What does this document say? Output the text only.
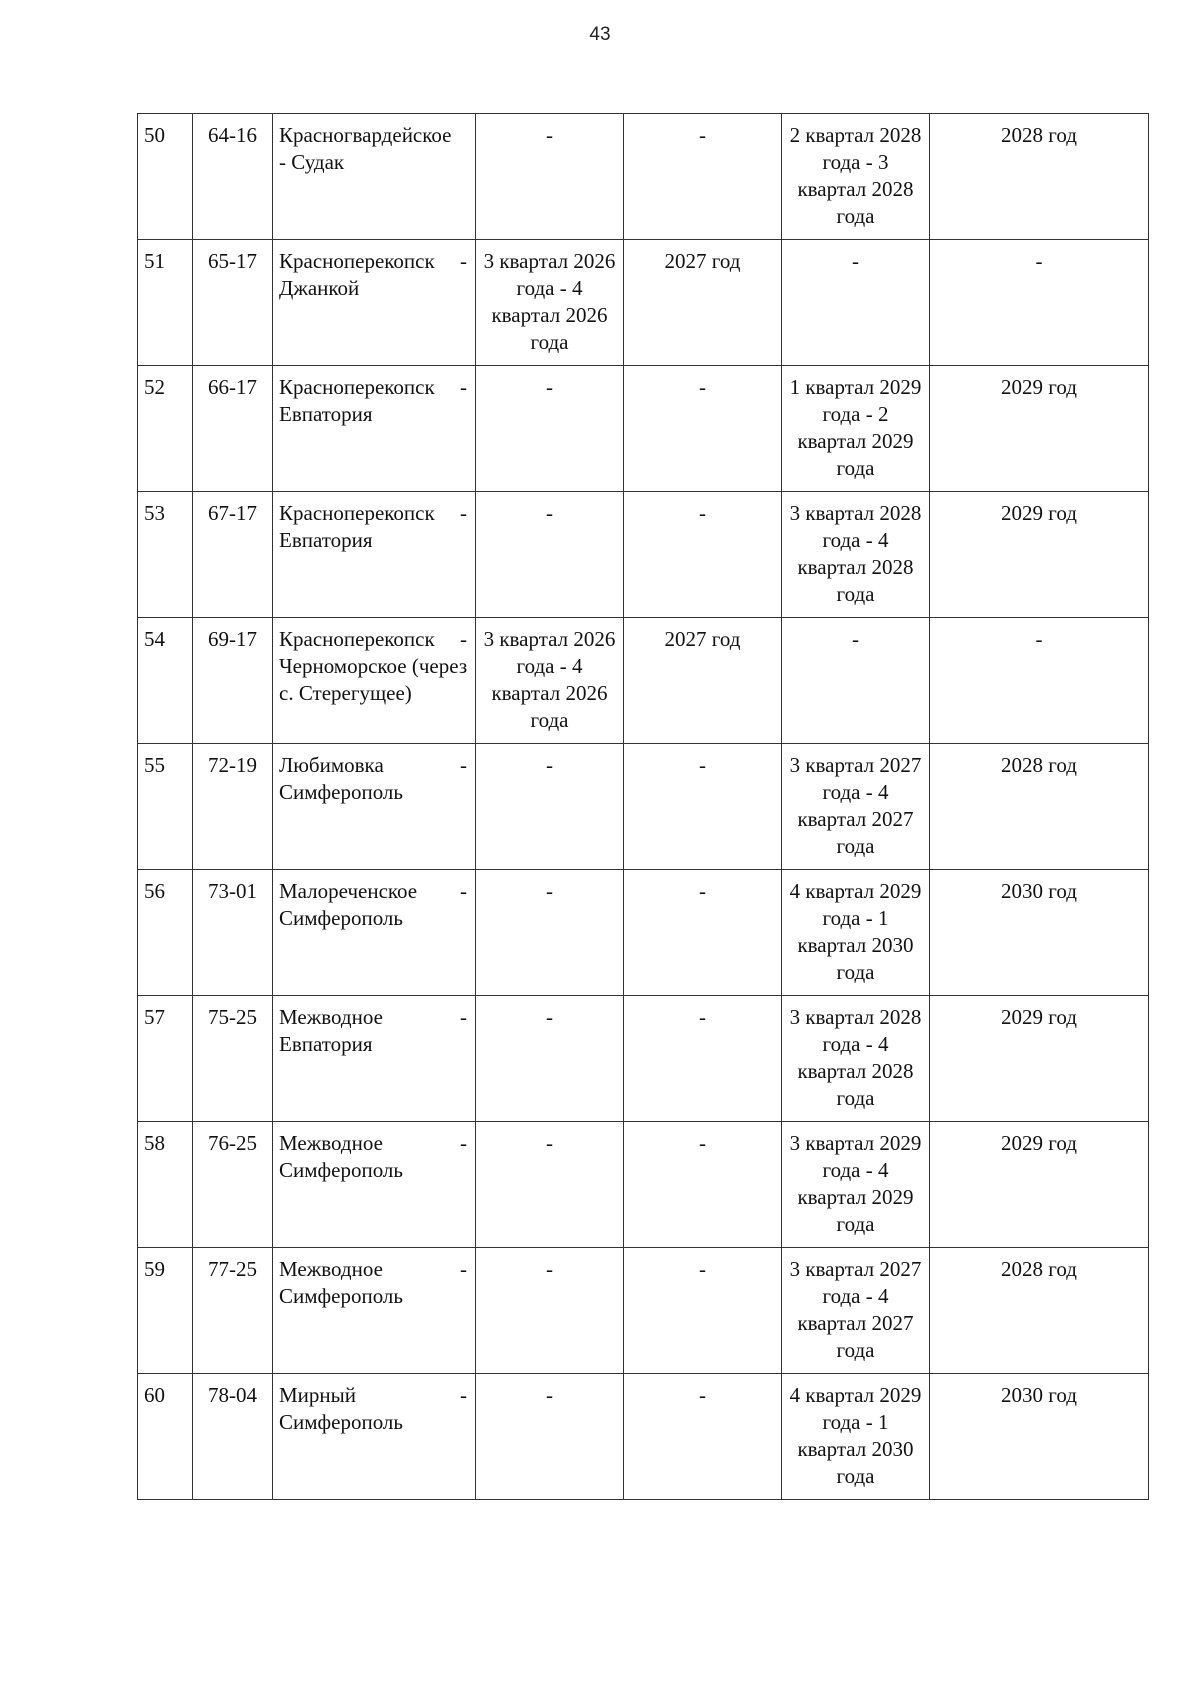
43
50	64-16	Красногвардейское
- Судак	-	-	2 квартал 2028 года - 3 квартал 2028 года	2028 год
51	65-17	Красноперекопск -
Джанкой	3 квартал 2026 года - 4 квартал 2026 года	2027 год	-	-
52	66-17	Красноперекопск -
Евпатория	-	-	1 квартал 2029 года - 2 квартал 2029 года	2029 год
53	67-17	Красноперекопск -
Евпатория	-	-	3 квартал 2028 года - 4 квартал 2028 года	2029 год
54	69-17	Красноперекопск -
Черноморское (через с. Стерегущее)	3 квартал 2026 года - 4 квартал 2026 года	2027 год	-	-
55	72-19	Любимовка -
Симферополь	-	-	3 квартал 2027 года - 4 квартал 2027 года	2028 год
56	73-01	Малореченское -
Симферополь	-	-	4 квартал 2029 года - 1 квартал 2030 года	2030 год
57	75-25	Межводное -
Евпатория	-	-	3 квартал 2028 года - 4 квартал 2028 года	2029 год
58	76-25	Межводное -
Симферополь	-	-	3 квартал 2029 года - 4 квартал 2029 года	2029 год
59	77-25	Межводное -
Симферополь	-	-	3 квартал 2027 года - 4 квартал 2027 года	2028 год
60	78-04	Мирный -
Симферополь	-	-	4 квартал 2029 года - 1 квартал 2030 года	2030 год
